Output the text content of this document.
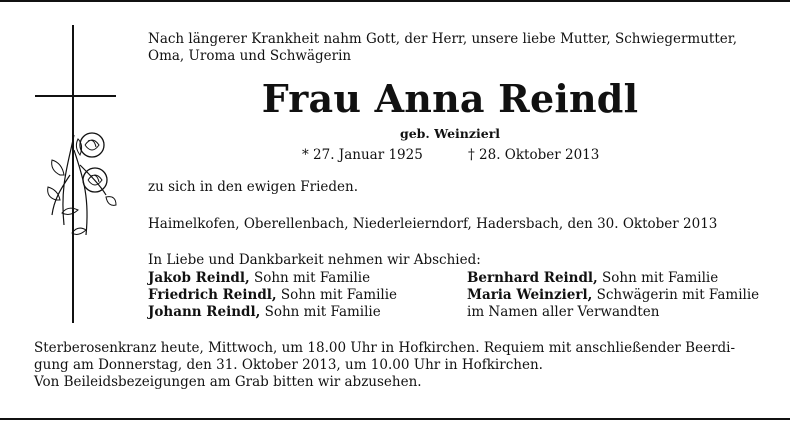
Nach längerer Krankheit nahm Gott, der Herr, unsere liebe Mutter, Schwiegermutter,
Oma, Uroma und Schwägerin
Frau Anna Reindl
geb. Weinzierl
* 27. Januar 1925	† 28. Oktober 2013
zu sich in den ewigen Frieden.
Haimelkofen, Oberellenbach, Niederleierndorf, Hadersbach, den 30. Oktober 2013
In Liebe und Dankbarkeit nehmen wir Abschied:
Jakob Reindl, Sohn mit Familie
Friedrich Reindl, Sohn mit Familie
Johann Reindl, Sohn mit Familie
Bernhard Reindl, Sohn mit Familie
Maria Weinzierl, Schwägerin mit Familie
im Namen aller Verwandten
Sterberosenkranz heute, Mittwoch, um 18.00 Uhr in Hofkirchen. Requiem mit anschließender Beerdi-
gung am Donnerstag, den 31. Oktober 2013, um 10.00 Uhr in Hofkirchen.
Von Beileidsbezeigungen am Grab bitten wir abzusehen.
